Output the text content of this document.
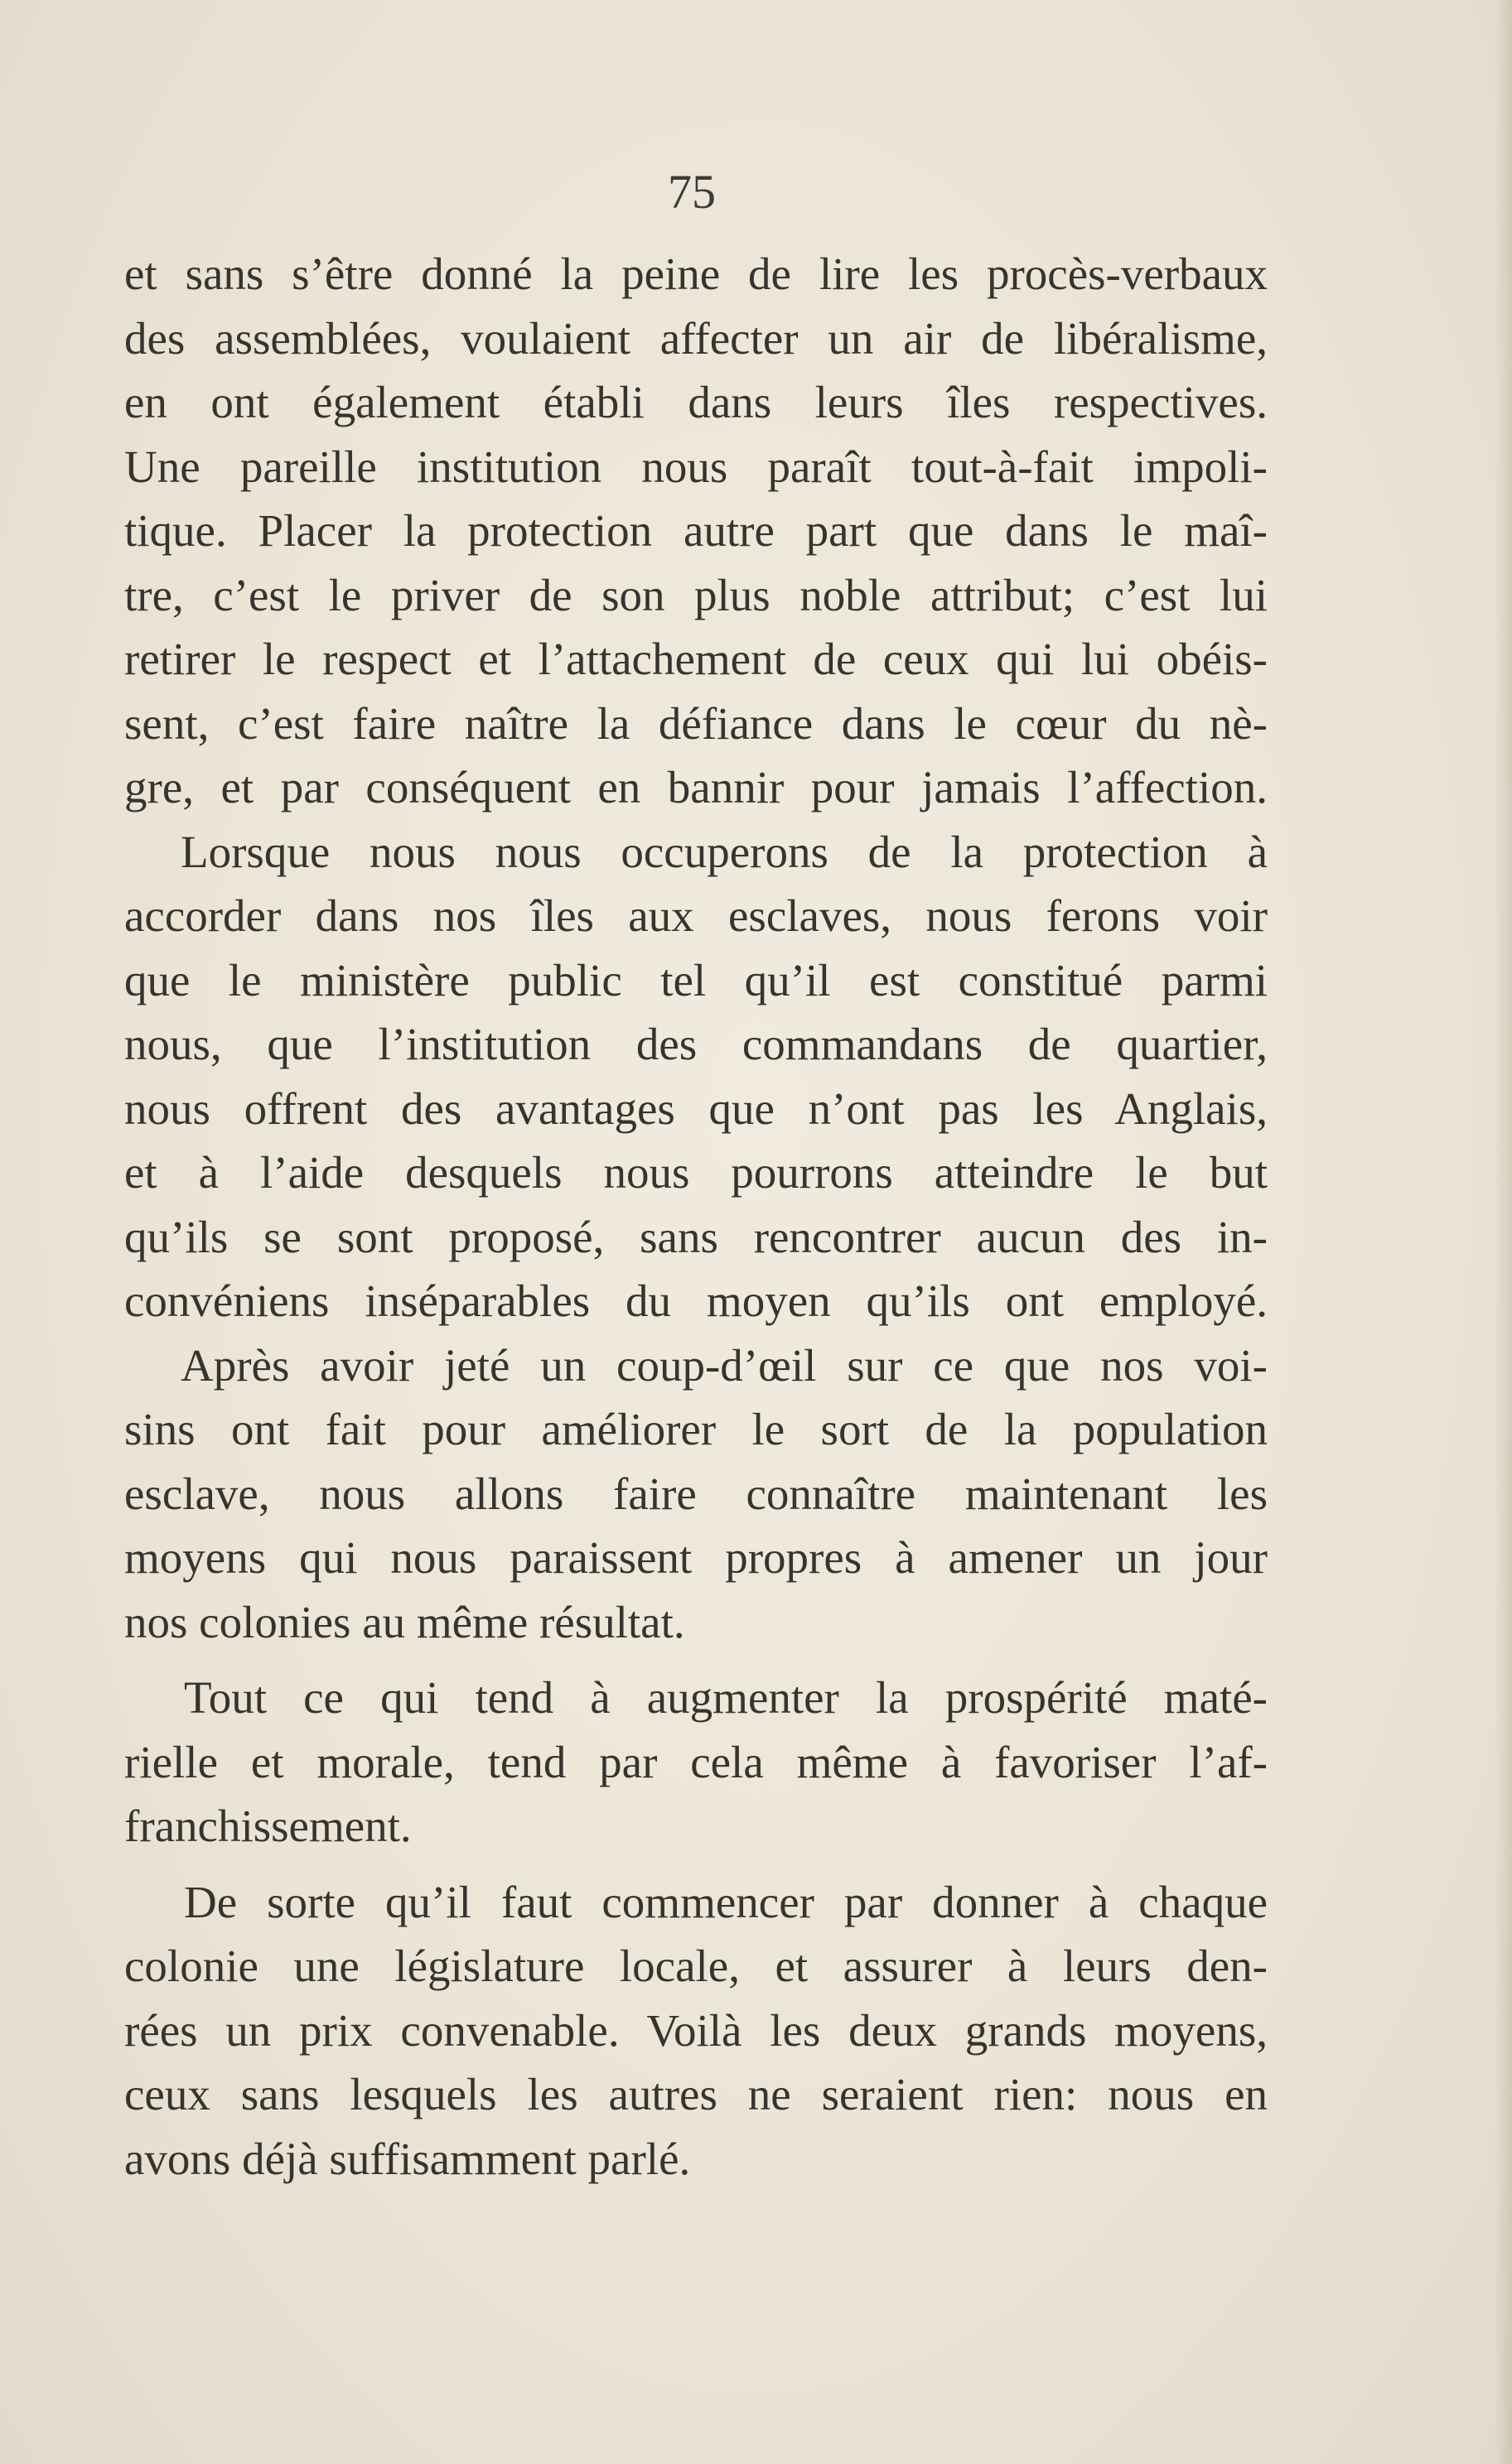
75
et sans s’être donné la peine de lire les procès-verbaux
des assemblées, voulaient affecter un air de libéralisme,
en ont également établi dans leurs îles respectives.
Une pareille institution nous paraît tout-à-fait impoli-
tique. Placer la protection autre part que dans le maî-
tre, c’est le priver de son plus noble attribut; c’est lui
retirer le respect et l’attachement de ceux qui lui obéis-
sent, c’est faire naître la défiance dans le cœur du nè-
gre, et par conséquent en bannir pour jamais l’affection.
Lorsque nous nous occuperons de la protection à
accorder dans nos îles aux esclaves, nous ferons voir
que le ministère public tel qu’il est constitué parmi
nous, que l’institution des commandans de quartier,
nous offrent des avantages que n’ont pas les Anglais,
et à l’aide desquels nous pourrons atteindre le but
qu’ils se sont proposé, sans rencontrer aucun des in-
convéniens inséparables du moyen qu’ils ont employé.
Après avoir jeté un coup-d’œil sur ce que nos voi-
sins ont fait pour améliorer le sort de la population
esclave, nous allons faire connaître maintenant les
moyens qui nous paraissent propres à amener un jour
nos colonies au même résultat.
Tout ce qui tend à augmenter la prospérité maté-
rielle et morale, tend par cela même à favoriser l’af-
franchissement.
De sorte qu’il faut commencer par donner à chaque
colonie une législature locale, et assurer à leurs den-
rées un prix convenable. Voilà les deux grands moyens,
ceux sans lesquels les autres ne seraient rien: nous en
avons déjà suffisamment parlé.
